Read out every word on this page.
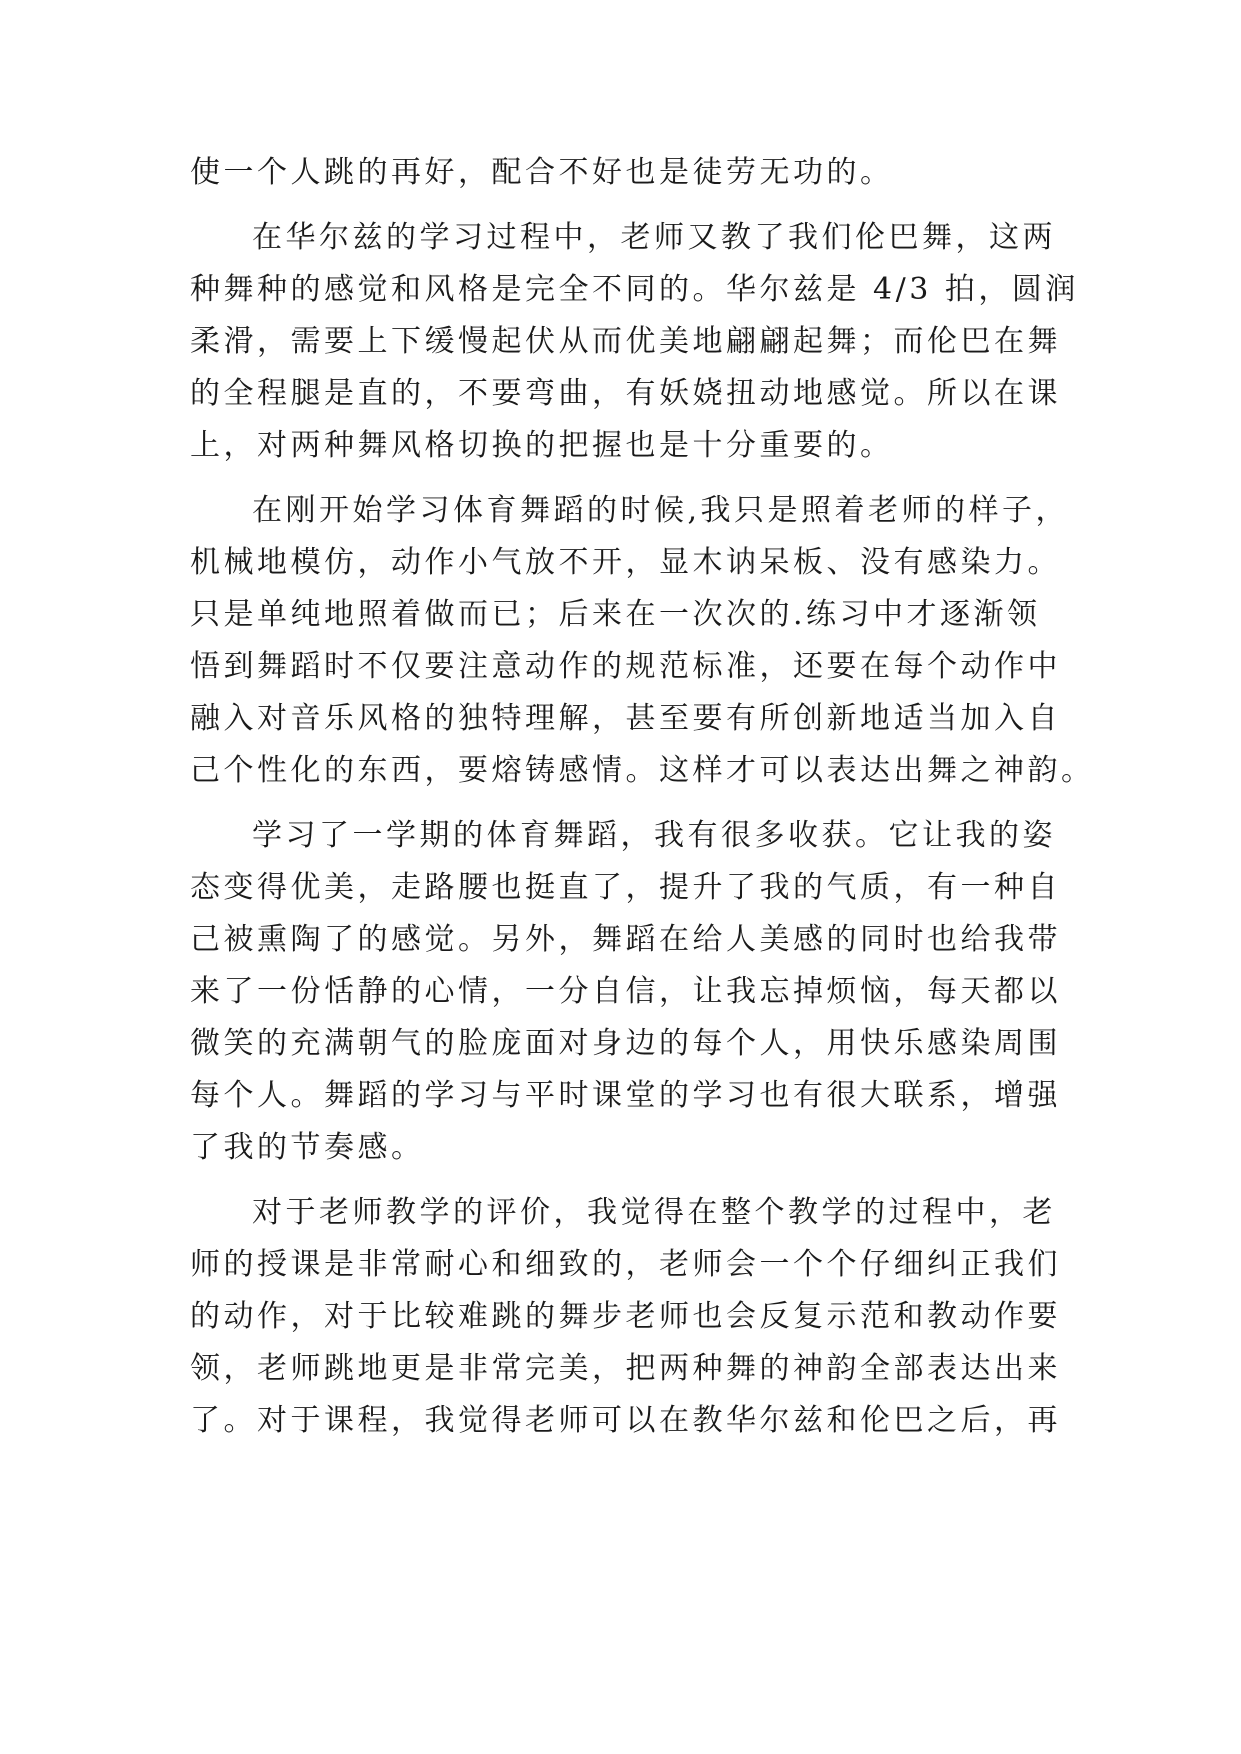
使一个人跳的再好，配合不好也是徒劳无功的。
在华尔兹的学习过程中，老师又教了我们伦巴舞，这两
种舞种的感觉和风格是完全不同的。华尔兹是 4/3 拍，圆润
柔滑，需要上下缓慢起伏从而优美地翩翩起舞；而伦巴在舞
的全程腿是直的，不要弯曲，有妖娆扭动地感觉。所以在课
上，对两种舞风格切换的把握也是十分重要的。
在刚开始学习体育舞蹈的时候,我只是照着老师的样子，
机械地模仿，动作小气放不开，显木讷呆板、没有感染力。
只是单纯地照着做而已；后来在一次次的.练习中才逐渐领
悟到舞蹈时不仅要注意动作的规范标准，还要在每个动作中
融入对音乐风格的独特理解，甚至要有所创新地适当加入自
己个性化的东西，要熔铸感情。这样才可以表达出舞之神韵。
学习了一学期的体育舞蹈，我有很多收获。它让我的姿
态变得优美，走路腰也挺直了，提升了我的气质，有一种自
己被熏陶了的感觉。另外，舞蹈在给人美感的同时也给我带
来了一份恬静的心情，一分自信，让我忘掉烦恼，每天都以
微笑的充满朝气的脸庞面对身边的每个人，用快乐感染周围
每个人。舞蹈的学习与平时课堂的学习也有很大联系，增强
了我的节奏感。
对于老师教学的评价，我觉得在整个教学的过程中，老
师的授课是非常耐心和细致的，老师会一个个仔细纠正我们
的动作，对于比较难跳的舞步老师也会反复示范和教动作要
领，老师跳地更是非常完美，把两种舞的神韵全部表达出来
了。对于课程，我觉得老师可以在教华尔兹和伦巴之后，再
